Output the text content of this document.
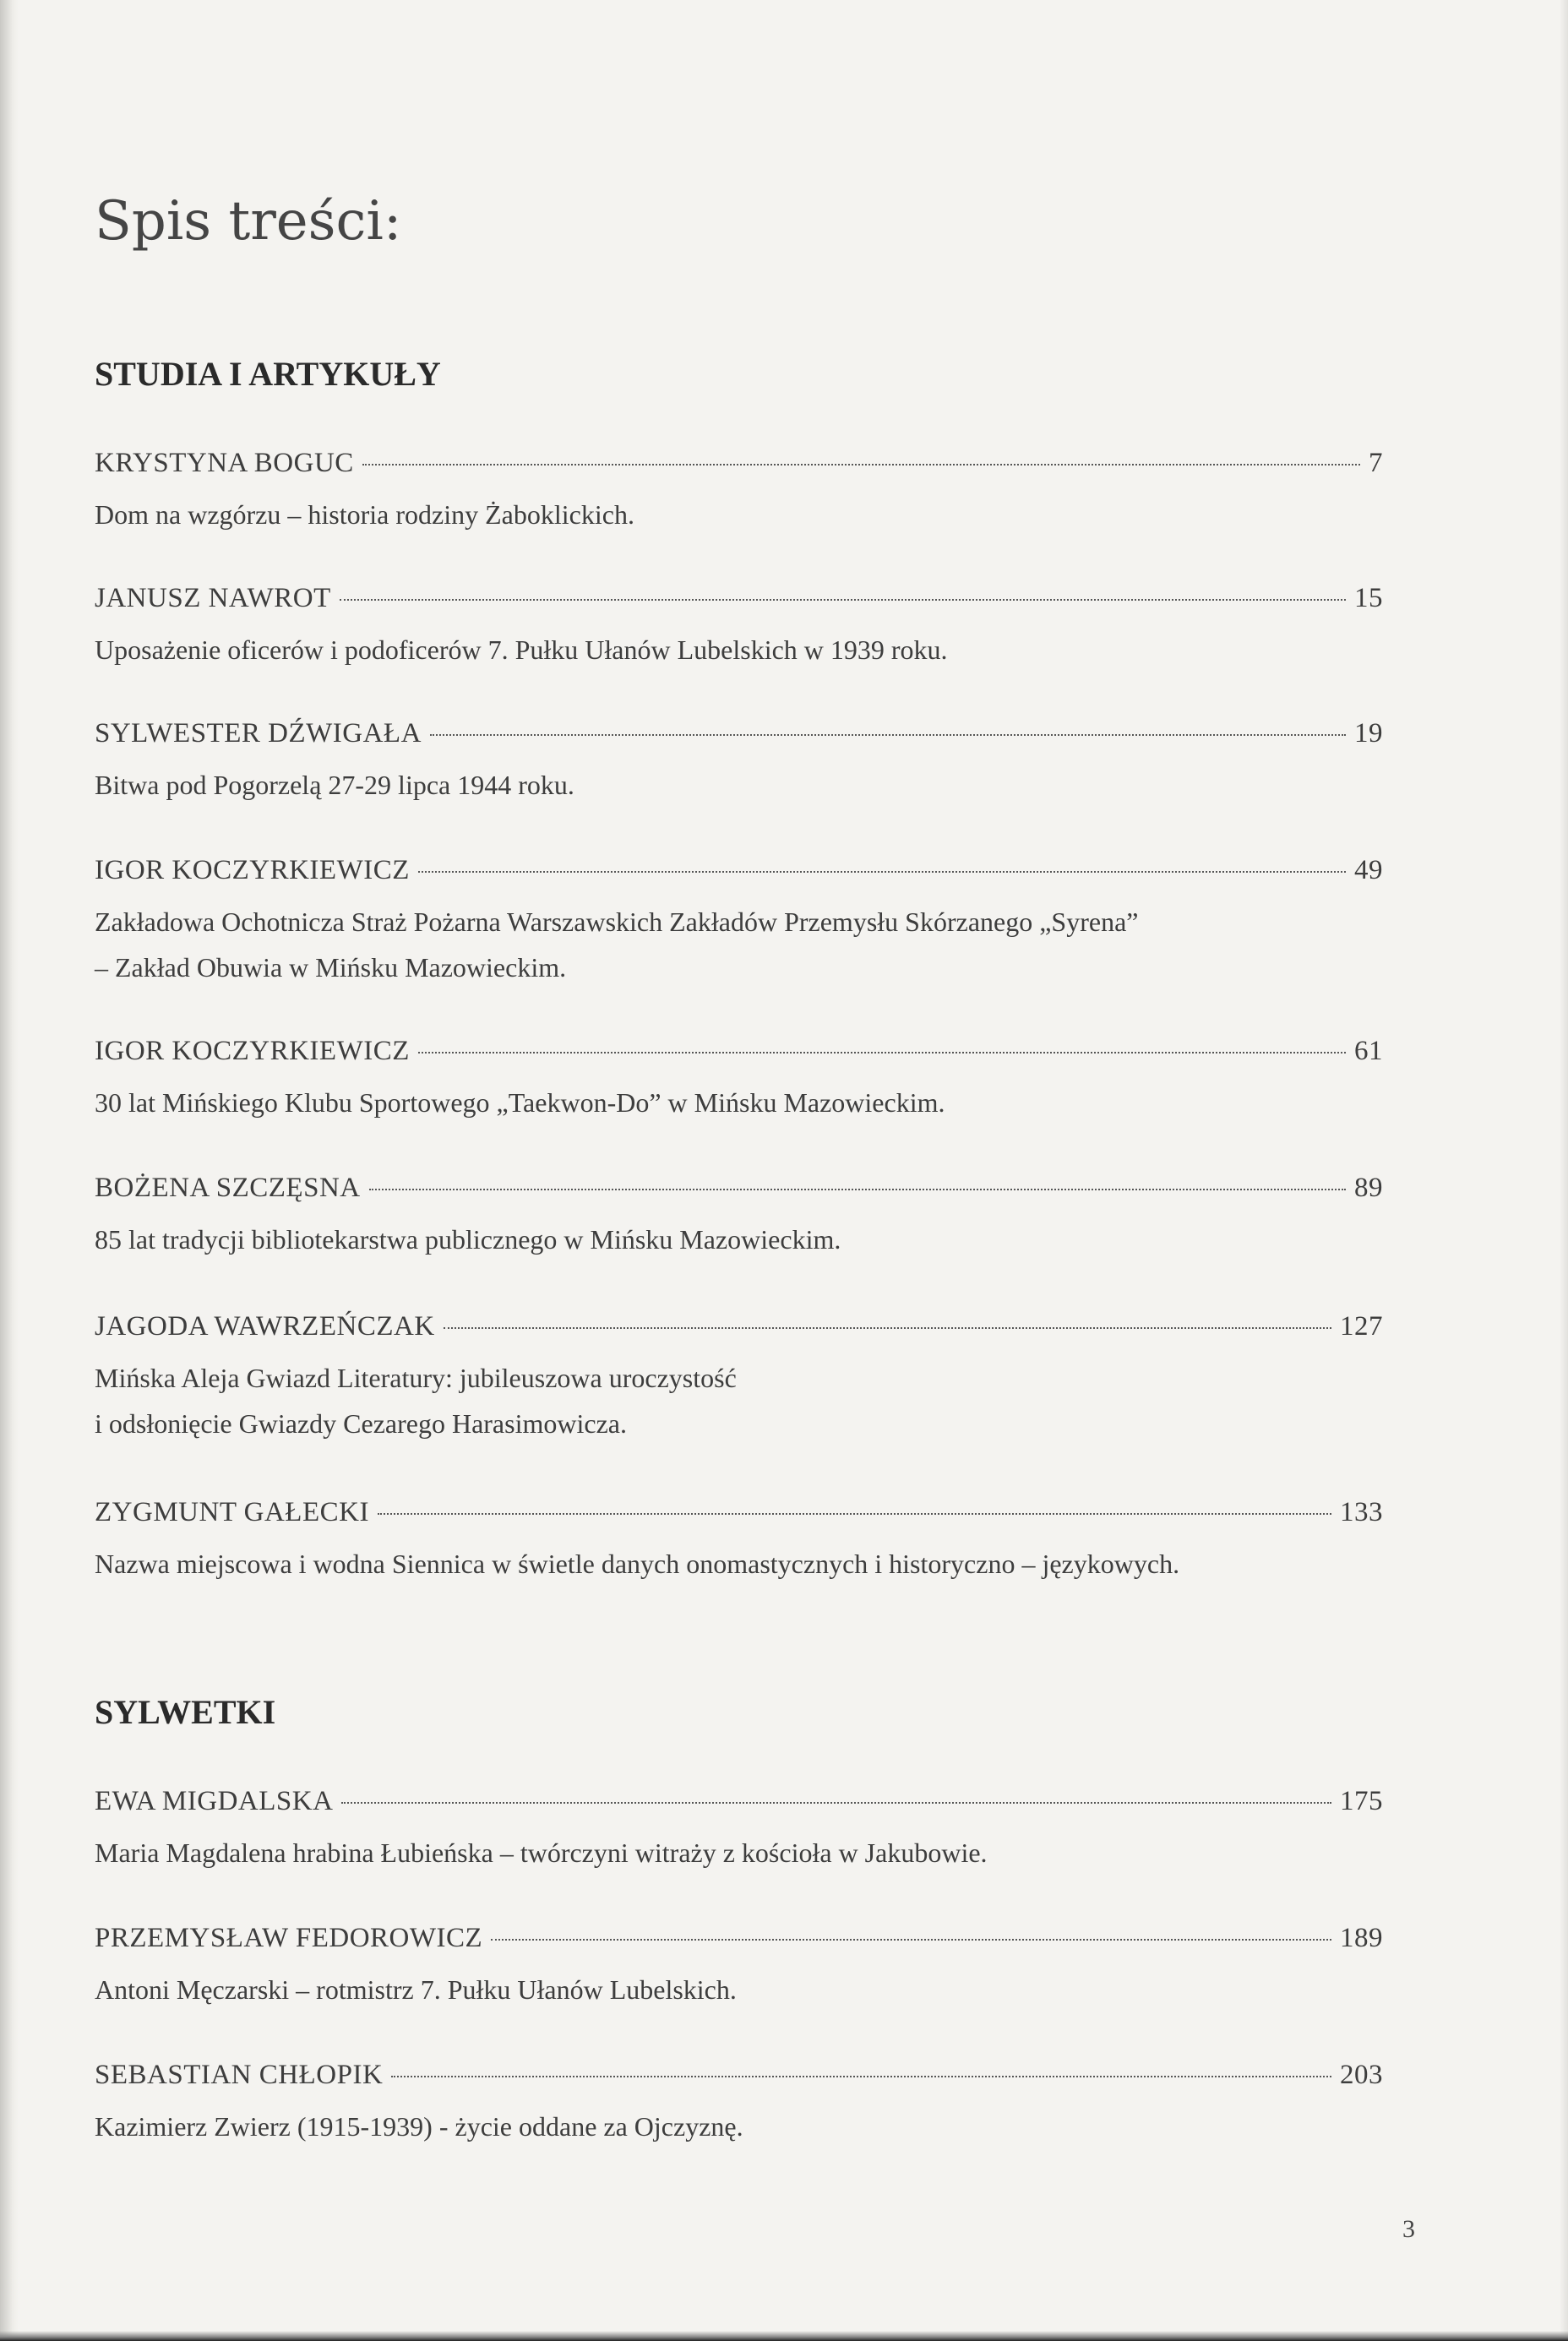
Spis treści:
STUDIA I ARTYKUŁY
KRYSTYNA BOGUC	7
Dom na wzgórzu – historia rodziny Żaboklickich.
JANUSZ NAWROT	15
Uposażenie oficerów i podoficerów 7. Pułku Ułanów Lubelskich w 1939 roku.
SYLWESTER DŹWIGAŁA	19
Bitwa pod Pogorzelą 27-29 lipca 1944 roku.
IGOR KOCZYRKIEWICZ	49
Zakładowa Ochotnicza Straż Pożarna Warszawskich Zakładów Przemysłu Skórzanego „Syrena”
– Zakład Obuwia w Mińsku Mazowieckim.
IGOR KOCZYRKIEWICZ	61
30 lat Mińskiego Klubu Sportowego „Taekwon-Do” w Mińsku Mazowieckim.
BOŻENA SZCZĘSNA	89
85 lat tradycji bibliotekarstwa publicznego w Mińsku Mazowieckim.
JAGODA WAWRZEŃCZAK	127
Mińska Aleja Gwiazd Literatury: jubileuszowa uroczystość
i odsłonięcie Gwiazdy Cezarego Harasimowicza.
ZYGMUNT GAŁECKI	133
Nazwa miejscowa i wodna Siennica w świetle danych onomastycznych i historyczno – językowych.
SYLWETKI
EWA MIGDALSKA	175
Maria Magdalena hrabina Łubieńska – twórczyni witraży z kościoła w Jakubowie.
PRZEMYSŁAW FEDOROWICZ	189
Antoni Męczarski – rotmistrz 7. Pułku Ułanów Lubelskich.
SEBASTIAN CHŁOPIK	203
Kazimierz Zwierz (1915-1939) - życie oddane za Ojczyznę.
3
